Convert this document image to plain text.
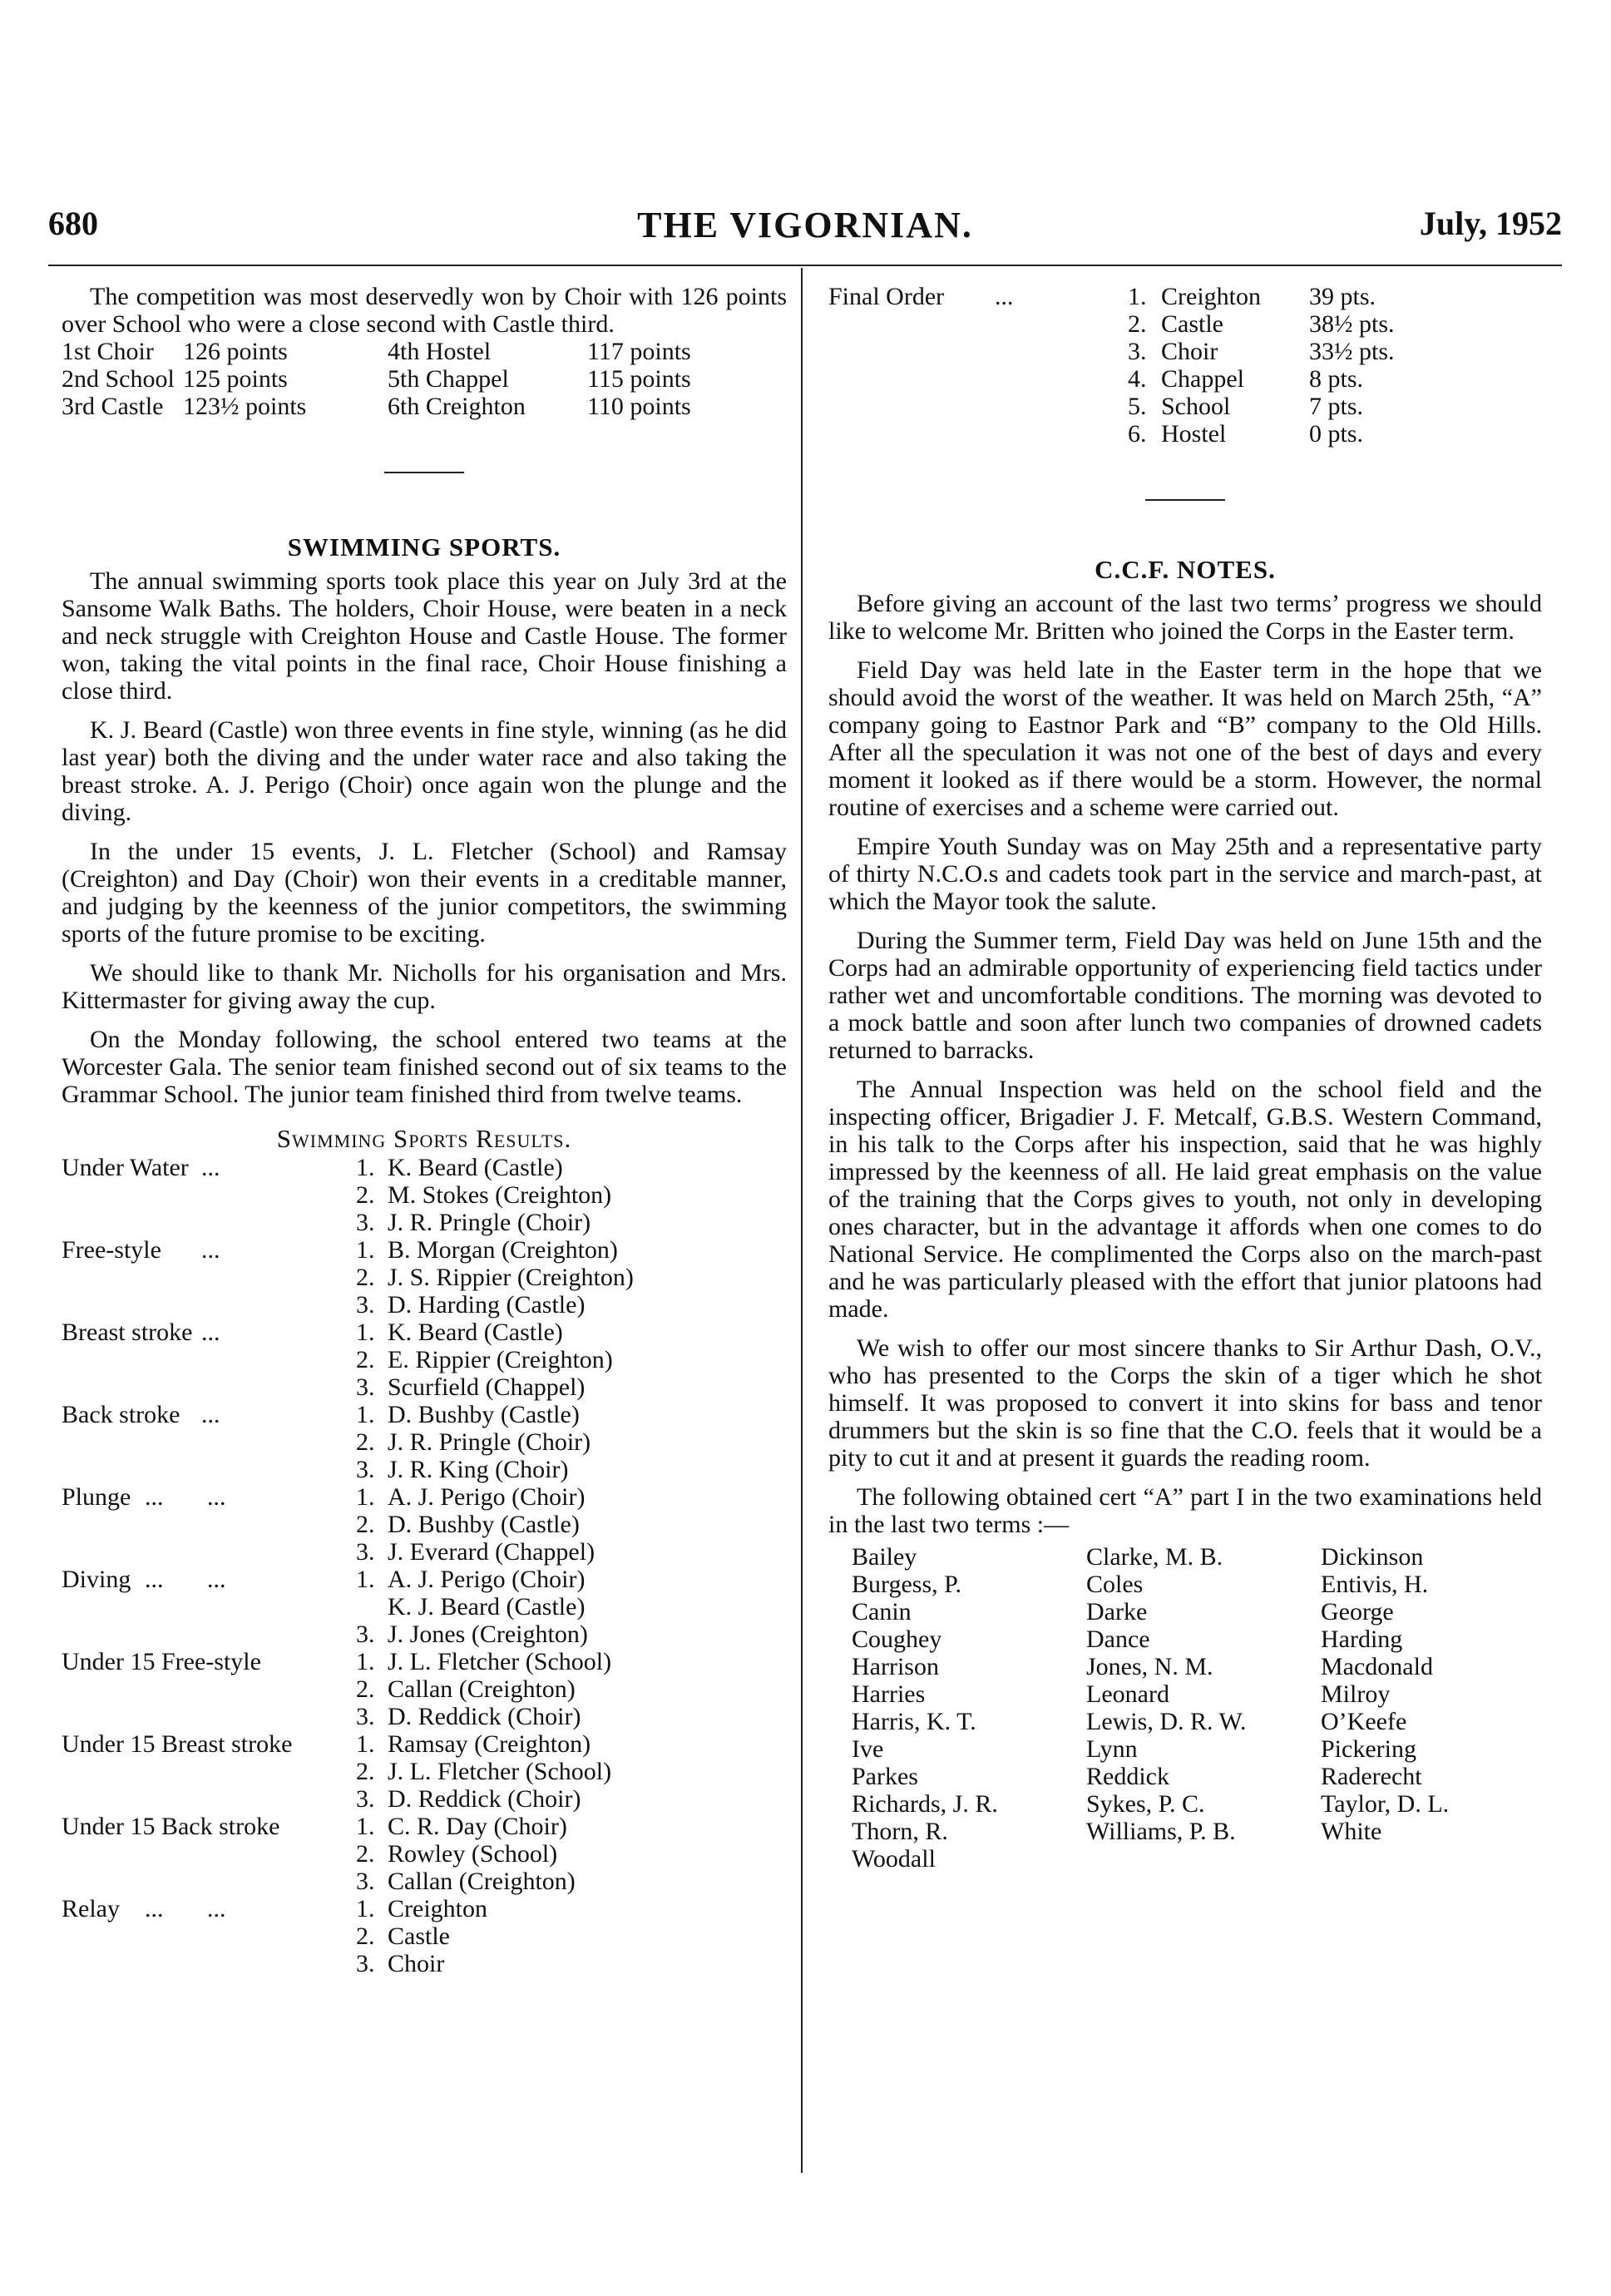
680	THE VIGORNIAN.	July, 1952

The competition was most deservedly won by Choir with 126 points over School who were a close second with Castle third.

1st Choir	126 points	4th Hostel	117 points
2nd School 125 points	5th Chappel	115 points
3rd Castle 123½ points	6th Creighton	110 points
SWIMMING SPORTS.

The annual swimming sports took place this year on July 3rd at the Sansome Walk Baths. The holders, Choir House, were beaten in a neck and neck struggle with Creighton House and Castle House. The former won, taking the vital points in the final race, Choir House finishing a close third.

K. J. Beard (Castle) won three events in fine style, winning (as he did last year) both the diving and the under water race and also taking the breast stroke. A. J. Perigo (Choir) once again won the plunge and the diving.

In the under 15 events, J. L. Fletcher (School) and Ramsay (Creighton) and Day (Choir) won their events in a creditable manner, and judging by the keenness of the junior competitors, the swimming sports of the future promise to be exciting.

We should like to thank Mr. Nicholls for his organisation and Mrs. Kittermaster for giving away the cup.

On the Monday following, the school entered two teams at the Worcester Gala. The senior team finished second out of six teams to the Grammar School. The junior team finished third from twelve teams.

Swimming Sports Results.
Under Water ...	1. K. Beard (Castle)
2. M. Stokes (Creighton)
3. J. R. Pringle (Choir)
Free-style ...	1. B. Morgan (Creighton)
2. J. S. Rippier (Creighton)
3. D. Harding (Castle)
Breast stroke ...	1. K. Beard (Castle)
2. E. Rippier (Creighton)
3. Scurfield (Chappel)
Back stroke ...	1. D. Bushby (Castle)
2. J. R. Pringle (Choir)
3. J. R. King (Choir)
Plunge ...       ...	1. A. J. Perigo (Choir)
2. D. Bushby (Castle)
3. J. Everard (Chappel)
Diving ...       ...	1. A. J. Perigo (Choir)
K. J. Beard (Castle)
3. J. Jones (Creighton)
Under 15 Free-style	1. J. L. Fletcher (School)
2. Callan (Creighton)
3. D. Reddick (Choir)
Under 15 Breast stroke	1. Ramsay (Creighton)
2. J. L. Fletcher (School)
3. D. Reddick (Choir)
Under 15 Back stroke	1. C. R. Day (Choir)
2. Rowley (School)
3. Callan (Creighton)
Relay ...       ...	1. Creighton
2. Castle
3. Choir
Final Order ...	1. Creighton	39 pts.
2. Castle	38½ pts.
3. Choir	33½ pts.
4. Chappel	8 pts.
5. School	7 pts.
6. Hostel	0 pts.
C.C.F. NOTES.

Before giving an account of the last two terms’ progress we should like to welcome Mr. Britten who joined the Corps in the Easter term.

Field Day was held late in the Easter term in the hope that we should avoid the worst of the weather. It was held on March 25th, “A” company going to Eastnor Park and “B” company to the Old Hills. After all the speculation it was not one of the best of days and every moment it looked as if there would be a storm. However, the normal routine of exercises and a scheme were carried out.

Empire Youth Sunday was on May 25th and a representative party of thirty N.C.O.s and cadets took part in the service and march-past, at which the Mayor took the salute.

During the Summer term, Field Day was held on June 15th and the Corps had an admirable opportunity of experiencing field tactics under rather wet and uncomfortable conditions. The morning was devoted to a mock battle and soon after lunch two companies of drowned cadets returned to barracks.

The Annual Inspection was held on the school field and the inspecting officer, Brigadier J. F. Metcalf, G.B.S. Western Command, in his talk to the Corps after his inspection, said that he was highly impressed by the keenness of all. He laid great emphasis on the value of the training that the Corps gives to youth, not only in developing ones character, but in the advantage it affords when one comes to do National Service. He complimented the Corps also on the march-past and he was particularly pleased with the effort that junior platoons had made.

We wish to offer our most sincere thanks to Sir Arthur Dash, O.V., who has presented to the Corps the skin of a tiger which he shot himself. It was proposed to convert it into skins for bass and tenor drummers but the skin is so fine that the C.O. feels that it would be a pity to cut it and at present it guards the reading room.

The following obtained cert “A” part I in the two examinations held in the last two terms :—

Bailey	Clarke, M. B.	Dickinson
Burgess, P.	Coles	Entivis, H.
Canin	Darke	George
Coughey	Dance	Harding
Harrison	Jones, N. M.	Macdonald
Harries	Leonard	Milroy
Harris, K. T.	Lewis, D. R. W.	O’Keefe
Ive	Lynn	Pickering
Parkes	Reddick	Raderecht
Richards, J. R.	Sykes, P. C.	Taylor, D. L.
Thorn, R.	Williams, P. B.	White
Woodall
